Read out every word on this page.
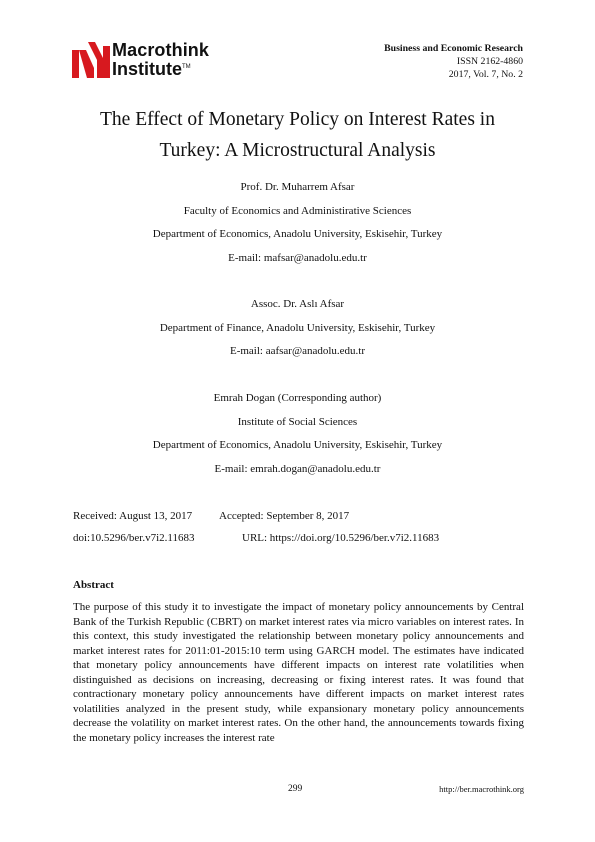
Macrothink
Institute™
Business and Economic Research
ISSN 2162-4860
2017, Vol. 7, No. 2
The Effect of Monetary Policy on Interest Rates in
Turkey: A Microstructural Analysis

Prof. Dr. Muharrem Afsar

Faculty of Economics and Administirative Sciences

Department of Economics, Anadolu University, Eskisehir, Turkey

E-mail: mafsar@anadolu.edu.tr

Assoc. Dr. Aslı Afsar

Department of Finance, Anadolu University, Eskisehir, Turkey

E-mail: aafsar@anadolu.edu.tr

Emrah Dogan (Corresponding author)

Institute of Social Sciences

Department of Economics, Anadolu University, Eskisehir, Turkey

E-mail: emrah.dogan@anadolu.edu.tr

Received: August 13, 2017 Accepted: September 8, 2017
doi:10.5296/ber.v7i2.11683	URL: https://doi.org/10.5296/ber.v7i2.11683
Abstract

The purpose of this study it to investigate the impact of monetary policy announcements by Central Bank of the Turkish Republic (CBRT) on market interest rates via micro variables on interest rates. In this context, this study investigated the relationship between monetary policy announcements and market interest rates for 2011:01-2015:10 term using GARCH model. The estimates have indicated that monetary policy announcements have different impacts on interest rate volatilities when distinguished as decisions on increasing, decreasing or fixing interest rates. It was found that contractionary monetary policy announcements have different impacts on market interest rates volatilities analyzed in the present study, while expansionary monetary policy announcements decrease the volatility on market interest rates. On the other hand, the announcements towards fixing the monetary policy increases the interest rate

299	http://ber.macrothink.org
